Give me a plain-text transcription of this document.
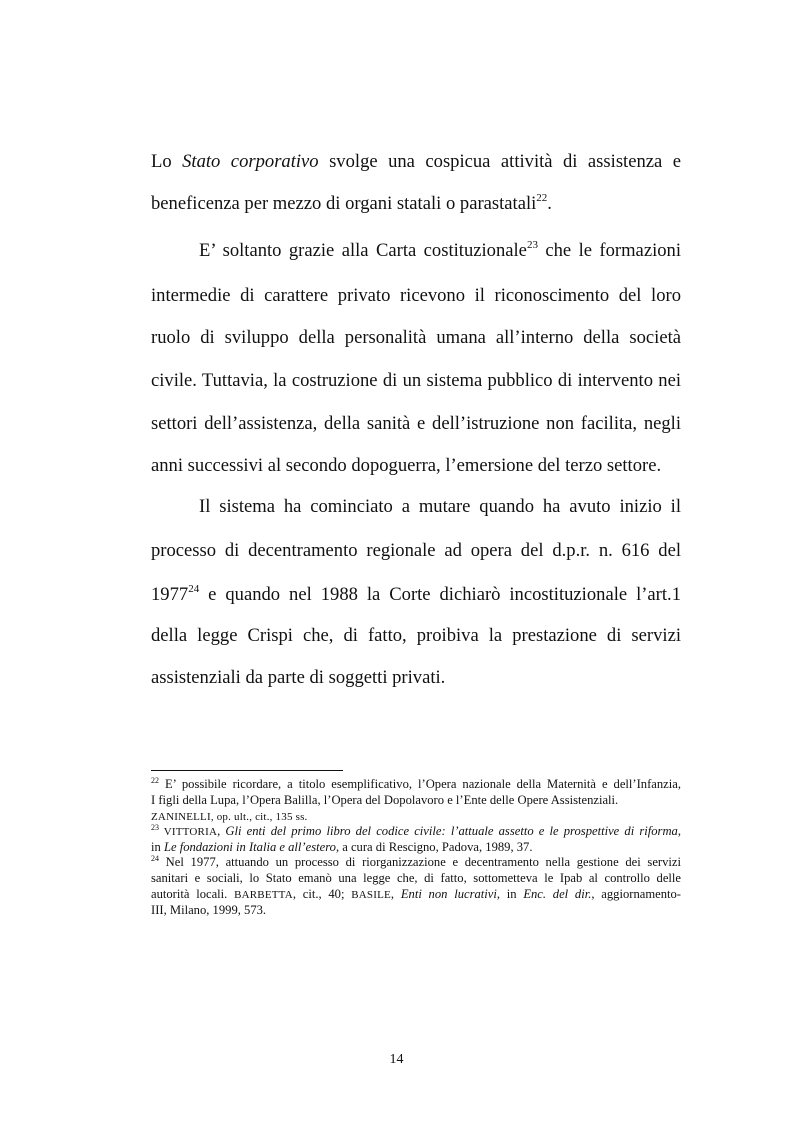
Lo Stato corporativo svolge una cospicua attività di assistenza e
beneficenza per mezzo di organi statali o parastatali$^{22}$.
E’ soltanto grazie alla Carta costituzionale$^{23}$ che le formazioni
intermedie di carattere privato ricevono il riconoscimento del loro
ruolo di sviluppo della personalità umana all’interno della società
civile. Tuttavia, la costruzione di un sistema pubblico di intervento nei
settori dell’assistenza, della sanità e dell’istruzione non facilita, negli
anni successivi al secondo dopoguerra, l’emersione del terzo settore.
Il sistema ha cominciato a mutare quando ha avuto inizio il
processo di decentramento regionale ad opera del d.p.r. n. 616 del
1977$^{24}$ e quando nel 1988 la Corte dichiarò incostituzionale l’art.1
della legge Crispi che, di fatto, proibiva la prestazione di servizi
assistenziali da parte di soggetti privati.
$^{22}$ E’ possibile ricordare, a titolo esemplificativo, l’Opera nazionale della Maternità e dell’Infanzia,
I figli della Lupa, l’Opera Balilla, l’Opera del Dopolavoro e l’Ente delle Opere Assistenziali.
ZANINELLI, op. ult., cit., 135 ss.
$^{23}$ VITTORIA, Gli enti del primo libro del codice civile: l’attuale assetto e le prospettive di riforma,
in Le fondazioni in Italia e all’estero, a cura di Rescigno, Padova, 1989, 37.
$^{24}$ Nel 1977, attuando un processo di riorganizzazione e decentramento nella gestione dei servizi
sanitari e sociali, lo Stato emanò una legge che, di fatto, sottometteva le Ipab al controllo delle
autorità locali. BARBETTA, cit., 40; BASILE, Enti non lucrativi, in Enc. del dir., aggiornamento-
III, Milano, 1999, 573.
14
